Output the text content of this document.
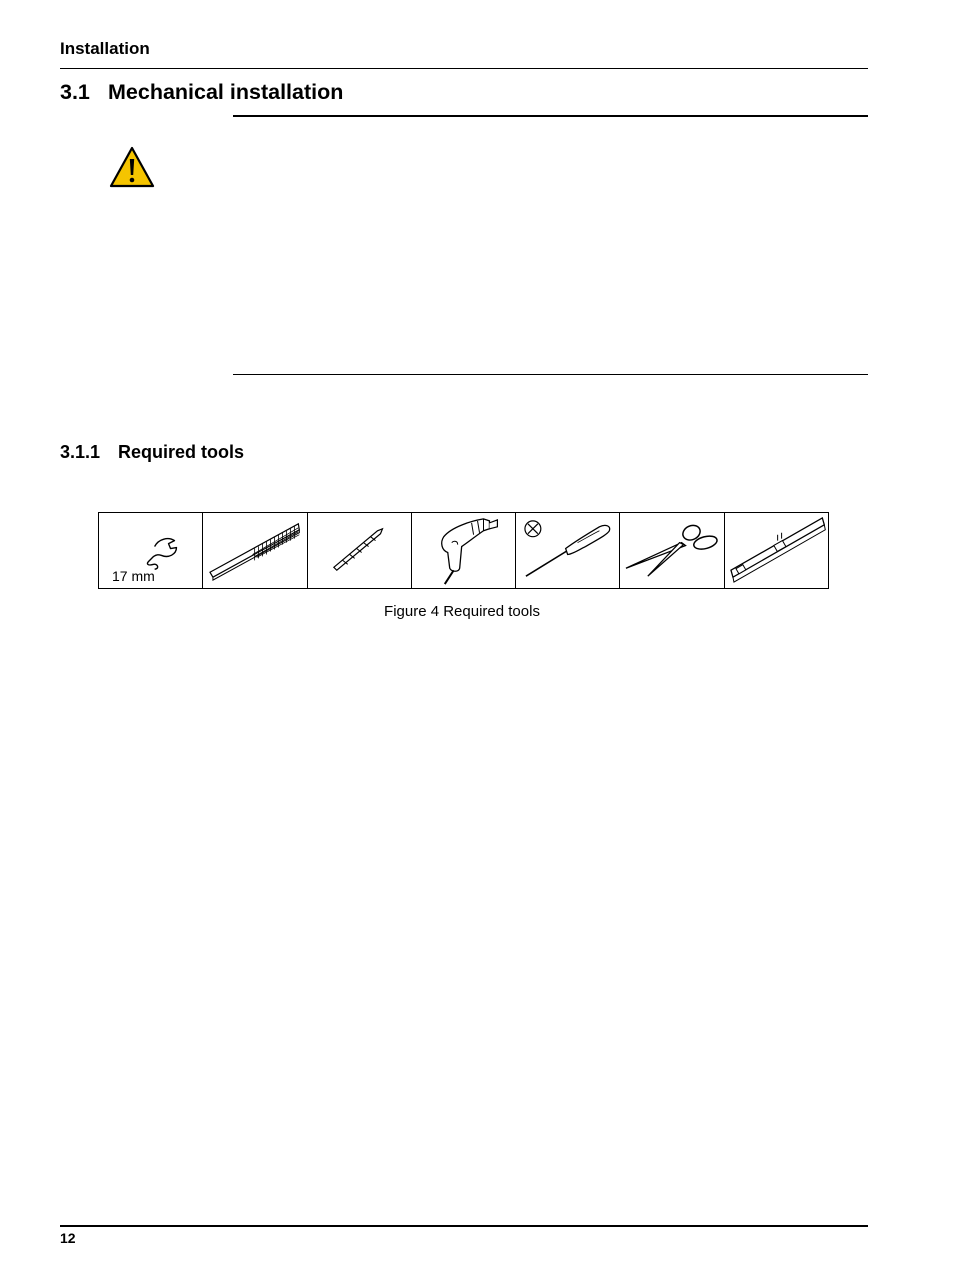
Installation
3.1 Mechanical installation
3.1.1 Required tools
17 mm
Figure 4 Required tools
12
